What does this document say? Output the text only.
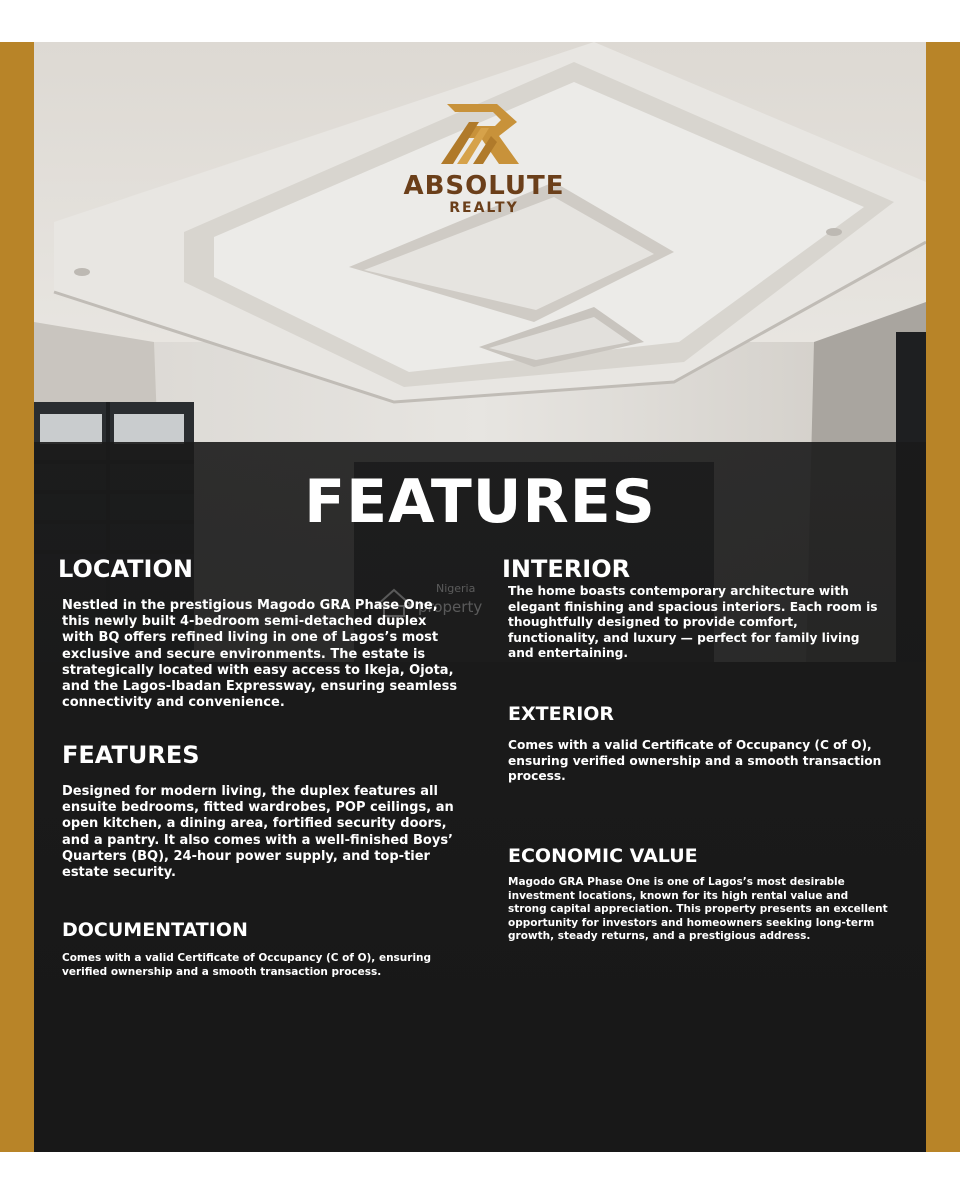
ABSOLUTE
REALTY
FEATURES
Nigeria
property
LOCATION

Nestled in the prestigious Magodo GRA Phase One, this newly built 4-bedroom semi-detached duplex with BQ offers refined living in one of Lagos’s most exclusive and secure environments. The estate is strategically located with easy access to Ikeja, Ojota, and the Lagos-Ibadan Expressway, ensuring seamless connectivity and convenience.

FEATURES

Designed for modern living, the duplex features all ensuite bedrooms, fitted wardrobes, POP ceilings, an open kitchen, a dining area, fortified security doors, and a pantry. It also comes with a well-finished Boys’ Quarters (BQ), 24-hour power supply, and top-tier estate security.

DOCUMENTATION

Comes with a valid Certificate of Occupancy (C of O), ensuring verified ownership and a smooth transaction process.

INTERIOR

The home boasts contemporary architecture with elegant finishing and spacious interiors. Each room is thoughtfully designed to provide comfort, functionality, and luxury — perfect for family living and entertaining.

EXTERIOR

Comes with a valid Certificate of Occupancy (C of O), ensuring verified ownership and a smooth transaction process.

ECONOMIC VALUE

Magodo GRA Phase One is one of Lagos’s most desirable investment locations, known for its high rental value and strong capital appreciation. This property presents an excellent opportunity for investors and homeowners seeking long-term growth, steady returns, and a prestigious address.
